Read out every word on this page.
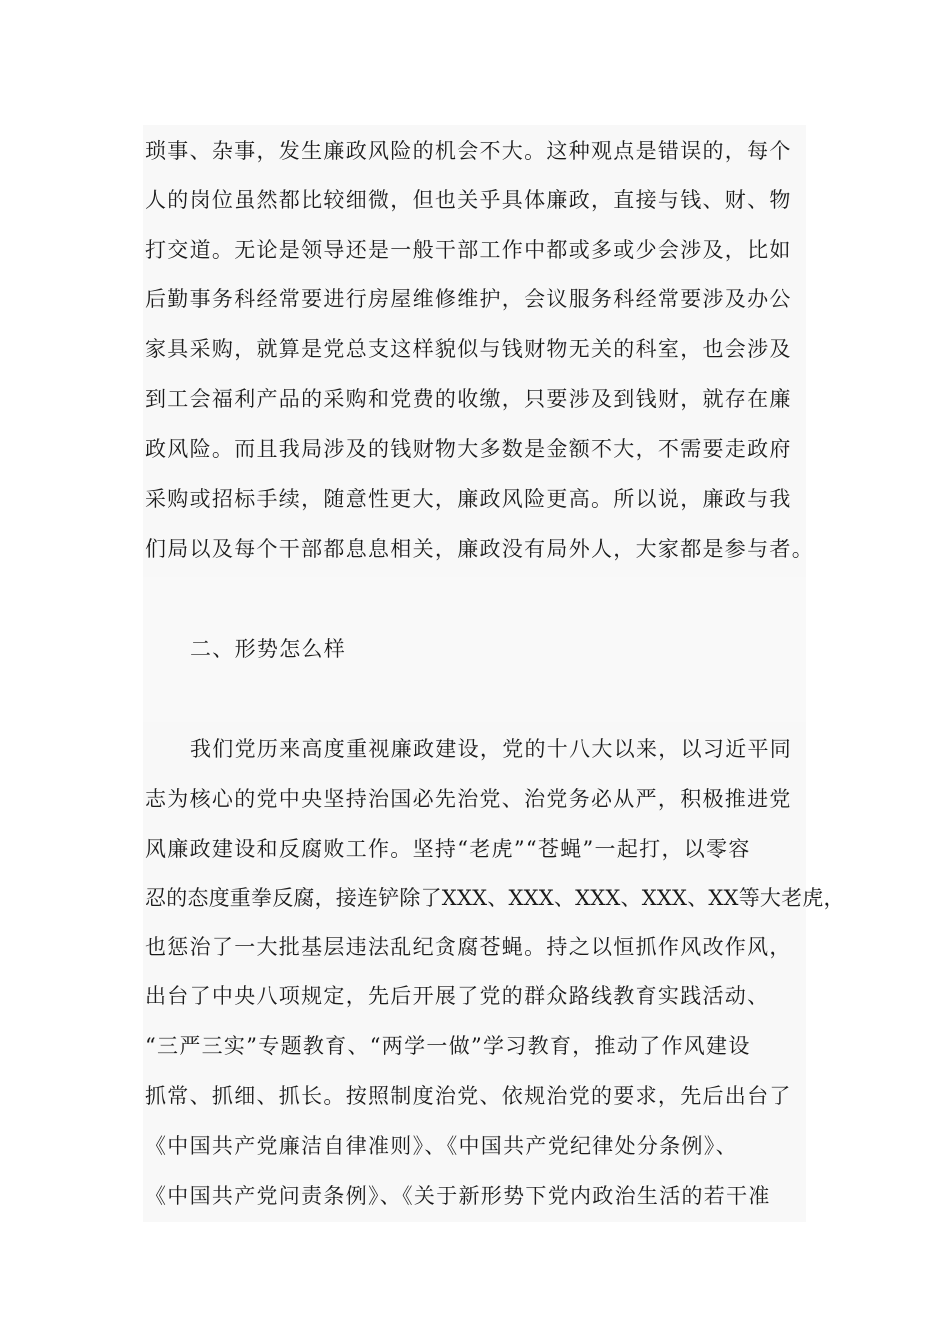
琐事、杂事，发生廉政风险的机会不大。这种观点是错误的，每个
人的岗位虽然都比较细微，但也关乎具体廉政，直接与钱、财、物
打交道。无论是领导还是一般干部工作中都或多或少会涉及，比如
后勤事务科经常要进行房屋维修维护，会议服务科经常要涉及办公
家具采购，就算是党总支这样貌似与钱财物无关的科室，也会涉及
到工会福利产品的采购和党费的收缴，只要涉及到钱财，就存在廉
政风险。而且我局涉及的钱财物大多数是金额不大，不需要走政府
采购或招标手续，随意性更大，廉政风险更高。所以说，廉政与我
们局以及每个干部都息息相关，廉政没有局外人，大家都是参与者。
二、形势怎么样
我们党历来高度重视廉政建设，党的十八大以来，以习近平同
志为核心的党中央坚持治国必先治党、治党务必从严，积极推进党
风廉政建设和反腐败工作。坚持“老虎”“苍蝇”一起打，以零容
忍的态度重拳反腐，接连铲除了XXX、XXX、XXX、XXX、XX等大老虎，
也惩治了一大批基层违法乱纪贪腐苍蝇。持之以恒抓作风改作风，
出台了中央八项规定，先后开展了党的群众路线教育实践活动、
“三严三实”专题教育、“两学一做”学习教育，推动了作风建设
抓常、抓细、抓长。按照制度治党、依规治党的要求，先后出台了
《中国共产党廉洁自律准则》、《中国共产党纪律处分条例》、
《中国共产党问责条例》、《关于新形势下党内政治生活的若干准
